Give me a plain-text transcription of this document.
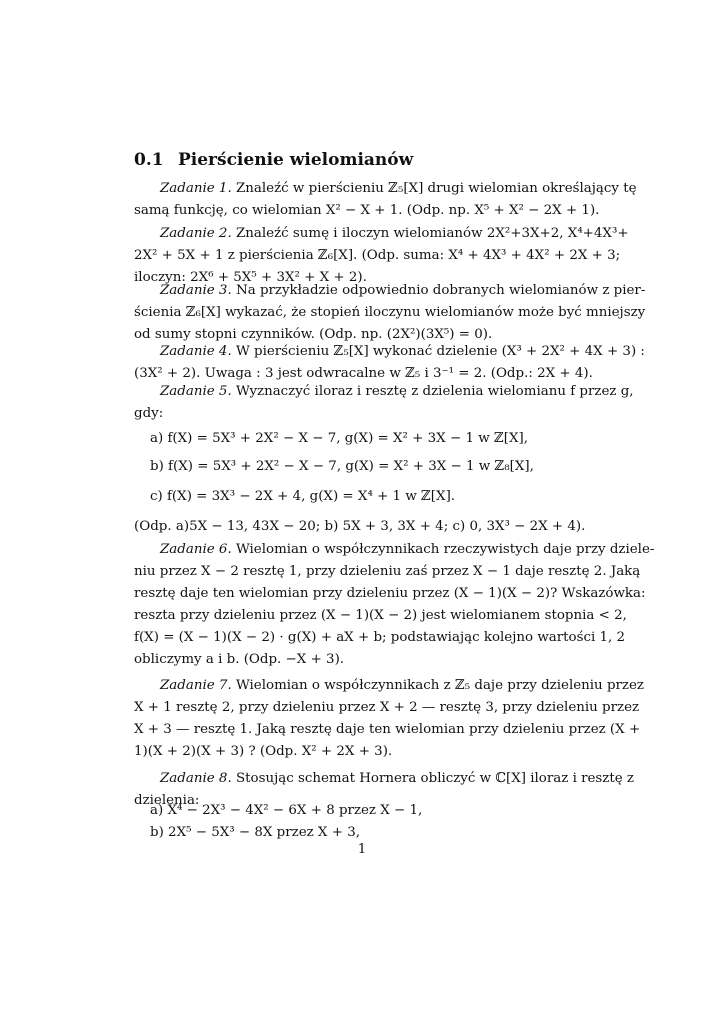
0.1 Pierścienie wielomianów
Zadanie 1. Znaleźć w pierścieniu ℤ₅[X] drugi wielomian określający tę
samą funkcję, co wielomian X² − X + 1. (Odp. np. X⁵ + X² − 2X + 1).
Zadanie 2. Znaleźć sumę i iloczyn wielomianów 2X²+3X+2, X⁴+4X³+
2X² + 5X + 1 z pierścienia ℤ₆[X]. (Odp. suma: X⁴ + 4X³ + 4X² + 2X + 3;
iloczyn: 2X⁶ + 5X⁵ + 3X² + X + 2).
Zadanie 3. Na przykładzie odpowiednio dobranych wielomianów z pier-
ścienia ℤ₆[X] wykazać, że stopień iloczynu wielomianów może być mniejszy
od sumy stopni czynników. (Odp. np. (2X²)(3X⁵) = 0).
Zadanie 4. W pierścieniu ℤ₅[X] wykonać dzielenie (X³ + 2X² + 4X + 3) :
(3X² + 2). Uwaga : 3 jest odwracalne w ℤ₅ i 3⁻¹ = 2. (Odp.: 2X + 4).
Zadanie 5. Wyznaczyć iloraz i resztę z dzielenia wielomianu f przez g,
gdy:
a) f(X) = 5X³ + 2X² − X − 7, g(X) = X² + 3X − 1 w ℤ[X],
b) f(X) = 5X³ + 2X² − X − 7, g(X) = X² + 3X − 1 w ℤ₈[X],
c) f(X) = 3X³ − 2X + 4, g(X) = X⁴ + 1 w ℤ[X].
(Odp. a)5X − 13, 43X − 20; b) 5X + 3, 3X + 4; c) 0, 3X³ − 2X + 4).
Zadanie 6. Wielomian o współczynnikach rzeczywistych daje przy dziele-
niu przez X − 2 resztę 1, przy dzieleniu zaś przez X − 1 daje resztę 2. Jaką
resztę daje ten wielomian przy dzieleniu przez (X − 1)(X − 2)? Wskazówka:
reszta przy dzieleniu przez (X − 1)(X − 2) jest wielomianem stopnia < 2,
f(X) = (X − 1)(X − 2) · g(X) + aX + b; podstawiając kolejno wartości 1, 2
obliczymy a i b. (Odp. −X + 3).
Zadanie 7. Wielomian o współczynnikach z ℤ₅ daje przy dzieleniu przez
X + 1 resztę 2, przy dzieleniu przez X + 2 — resztę 3, przy dzieleniu przez
X + 3 — resztę 1. Jaką resztę daje ten wielomian przy dzieleniu przez (X +
1)(X + 2)(X + 3) ? (Odp. X² + 2X + 3).
Zadanie 8. Stosując schemat Hornera obliczyć w ℂ[X] iloraz i resztę z
dzielenia:
a) X⁴ − 2X³ − 4X² − 6X + 8 przez X − 1,
b) 2X⁵ − 5X³ − 8X przez X + 3,
1
